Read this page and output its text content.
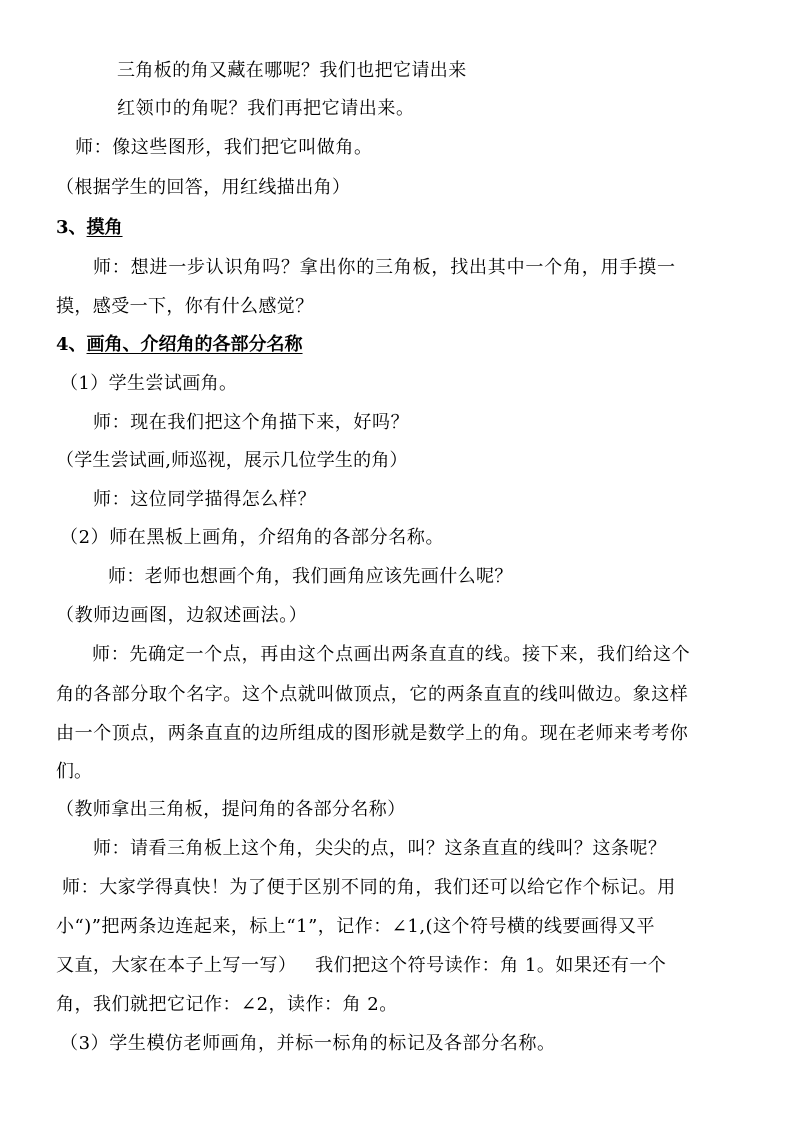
三角板的角又藏在哪呢？我们也把它请出来
红领巾的角呢？我们再把它请出来。
师：像这些图形，我们把它叫做角。
（根据学生的回答，用红线描出角）
3、摸角
师：想进一步认识角吗？拿出你的三角板，找出其中一个角，用手摸一
摸，感受一下，你有什么感觉？
4、画角、介绍角的各部分名称
（1）学生尝试画角。
师：现在我们把这个角描下来，好吗？
（学生尝试画,师巡视，展示几位学生的角）
师：这位同学描得怎么样？
（2）师在黑板上画角，介绍角的各部分名称。
师：老师也想画个角，我们画角应该先画什么呢？
（教师边画图，边叙述画法。）
师：先确定一个点，再由这个点画出两条直直的线。接下来，我们给这个
角的各部分取个名字。这个点就叫做顶点，它的两条直直的线叫做边。象这样
由一个顶点，两条直直的边所组成的图形就是数学上的角。现在老师来考考你
们。
（教师拿出三角板，提问角的各部分名称）
师：请看三角板上这个角，尖尖的点，叫？这条直直的线叫？这条呢？
师：大家学得真快！为了便于区别不同的角，我们还可以给它作个标记。用
小“)”把两条边连起来，标上“1”，记作：∠1,(这个符号横的线要画得又平
又直，大家在本子上写一写）   我们把这个符号读作：角 1。如果还有一个
角，我们就把它记作：∠2，读作：角 2。
（3）学生模仿老师画角，并标一标角的标记及各部分名称。
